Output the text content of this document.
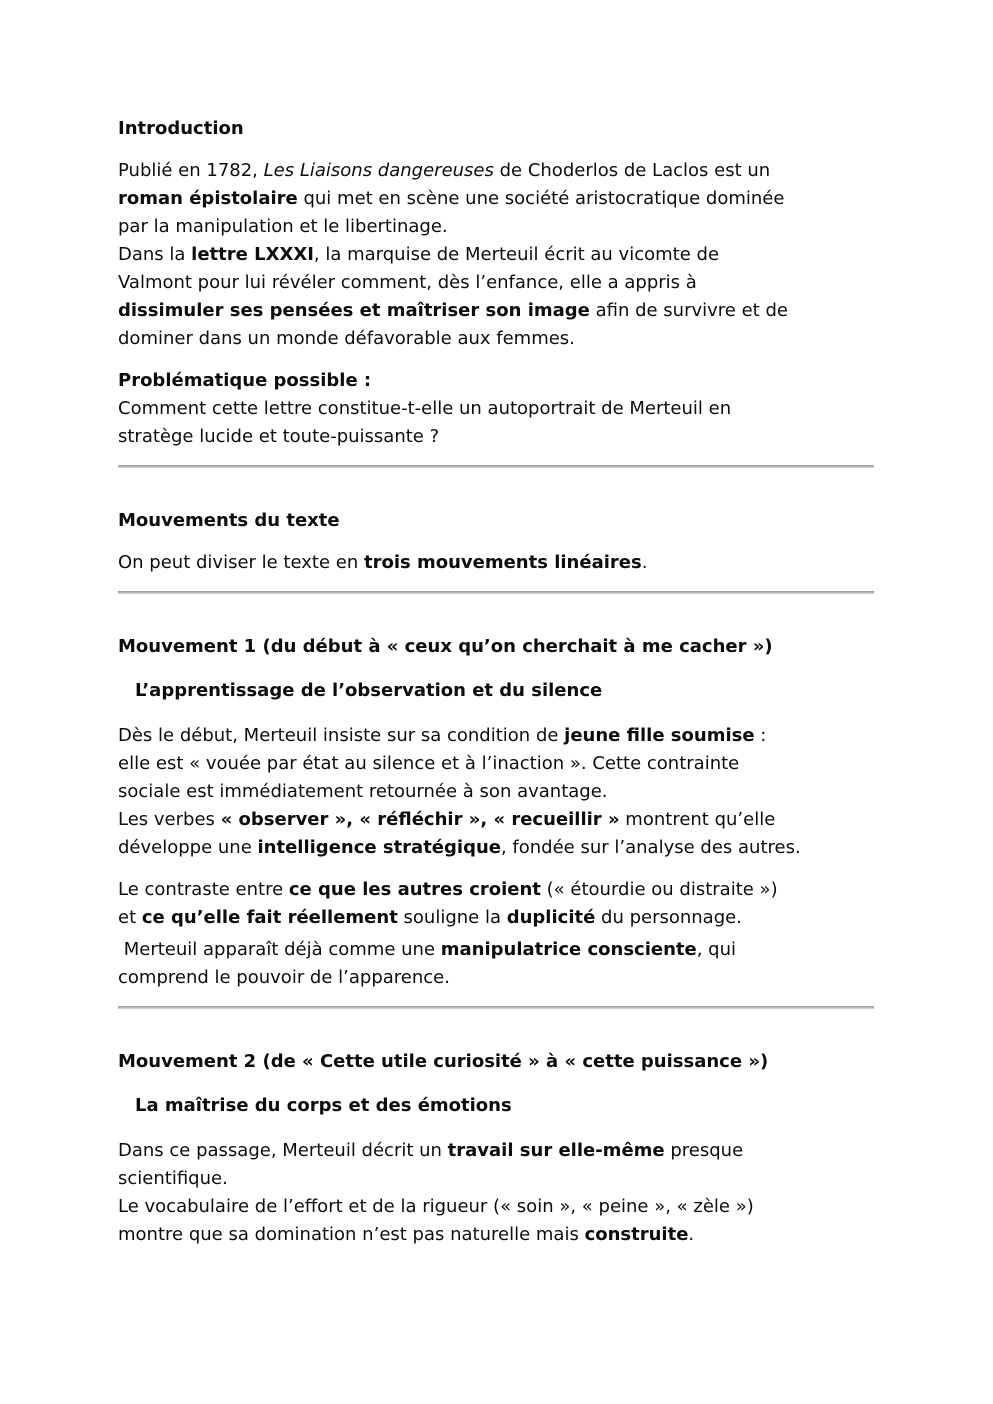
Introduction

Publié en 1782, Les Liaisons dangereuses de Choderlos de Laclos est un
roman épistolaire qui met en scène une société aristocratique dominée
par la manipulation et le libertinage.
Dans la lettre LXXXI, la marquise de Merteuil écrit au vicomte de
Valmont pour lui révéler comment, dès l’enfance, elle a appris à
dissimuler ses pensées et maîtriser son image afin de survivre et de
dominer dans un monde défavorable aux femmes.

Problématique possible :
Comment cette lettre constitue-t-elle un autoportrait de Merteuil en
stratège lucide et toute-puissante ?

Mouvements du texte

On peut diviser le texte en trois mouvements linéaires.

Mouvement 1 (du début à « ceux qu’on cherchait à me cacher »)
L’apprentissage de l’observation et du silence

Dès le début, Merteuil insiste sur sa condition de jeune fille soumise :
elle est « vouée par état au silence et à l’inaction ». Cette contrainte
sociale est immédiatement retournée à son avantage.
Les verbes « observer », « réfléchir », « recueillir » montrent qu’elle
développe une intelligence stratégique, fondée sur l’analyse des autres.

Le contraste entre ce que les autres croient (« étourdie ou distraite »)
et ce qu’elle fait réellement souligne la duplicité du personnage.

Merteuil apparaît déjà comme une manipulatrice consciente, qui
comprend le pouvoir de l’apparence.

Mouvement 2 (de « Cette utile curiosité » à « cette puissance »)
La maîtrise du corps et des émotions

Dans ce passage, Merteuil décrit un travail sur elle-même presque
scientifique.
Le vocabulaire de l’effort et de la rigueur (« soin », « peine », « zèle »)
montre que sa domination n’est pas naturelle mais construite.
